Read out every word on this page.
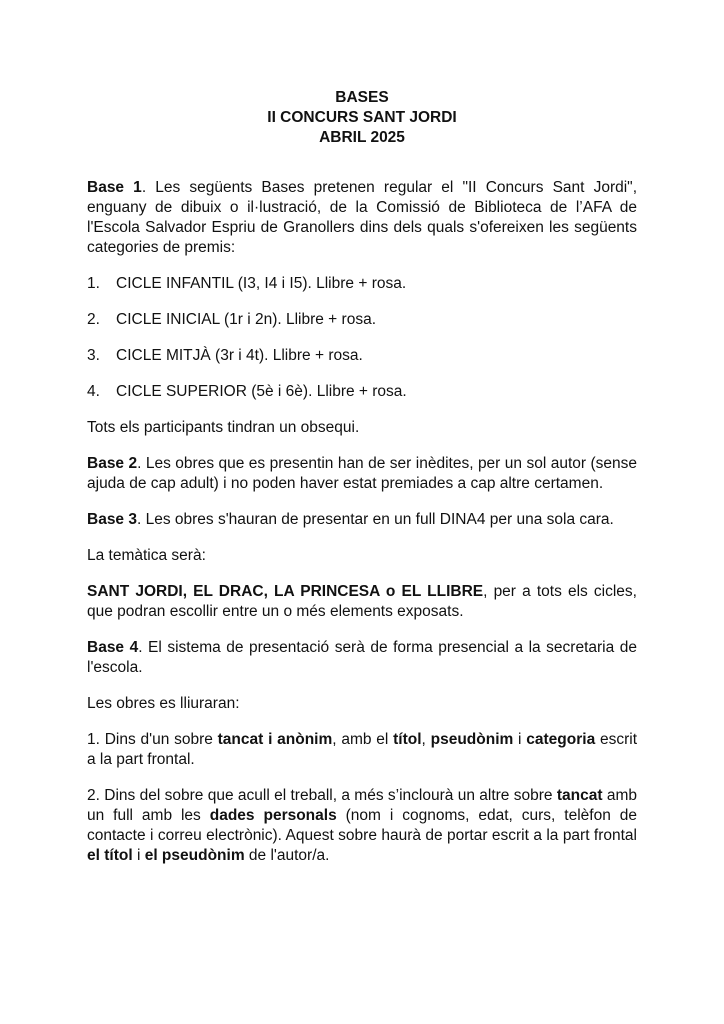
BASES
II CONCURS SANT JORDI
ABRIL 2025

Base 1. Les següents Bases pretenen regular el "II Concurs Sant Jordi", enguany de dibuix o il·lustració, de la Comissió de Biblioteca de l’AFA de l'Escola Salvador Espriu de Granollers dins dels quals s'ofereixen les següents categories de premis:

1.	CICLE INFANTIL (I3, I4 i I5). Llibre + rosa.
2.	CICLE INICIAL (1r i 2n). Llibre + rosa.
3.	CICLE MITJÀ (3r i 4t). Llibre + rosa.
4.	CICLE SUPERIOR (5è i 6è). Llibre + rosa.

Tots els participants tindran un obsequi.

Base 2. Les obres que es presentin han de ser inèdites, per un sol autor (sense ajuda de cap adult) i no poden haver estat premiades a cap altre certamen.

Base 3. Les obres s'hauran de presentar en un full DINA4 per una sola cara.

La temàtica serà:

SANT JORDI, EL DRAC, LA PRINCESA o EL LLIBRE, per a tots els cicles, que podran escollir entre un o més elements exposats.

Base 4. El sistema de presentació serà de forma presencial a la secretaria de l'escola.

Les obres es lliuraran:

1. Dins d'un sobre tancat i anònim, amb el títol, pseudònim i categoria escrit a la part frontal.

2. Dins del sobre que acull el treball, a més s’inclourà un altre sobre tancat amb un full amb les dades personals (nom i cognoms, edat, curs, telèfon de contacte i correu electrònic). Aquest sobre haurà de portar escrit a la part frontal el títol i el pseudònim de l'autor/a.
